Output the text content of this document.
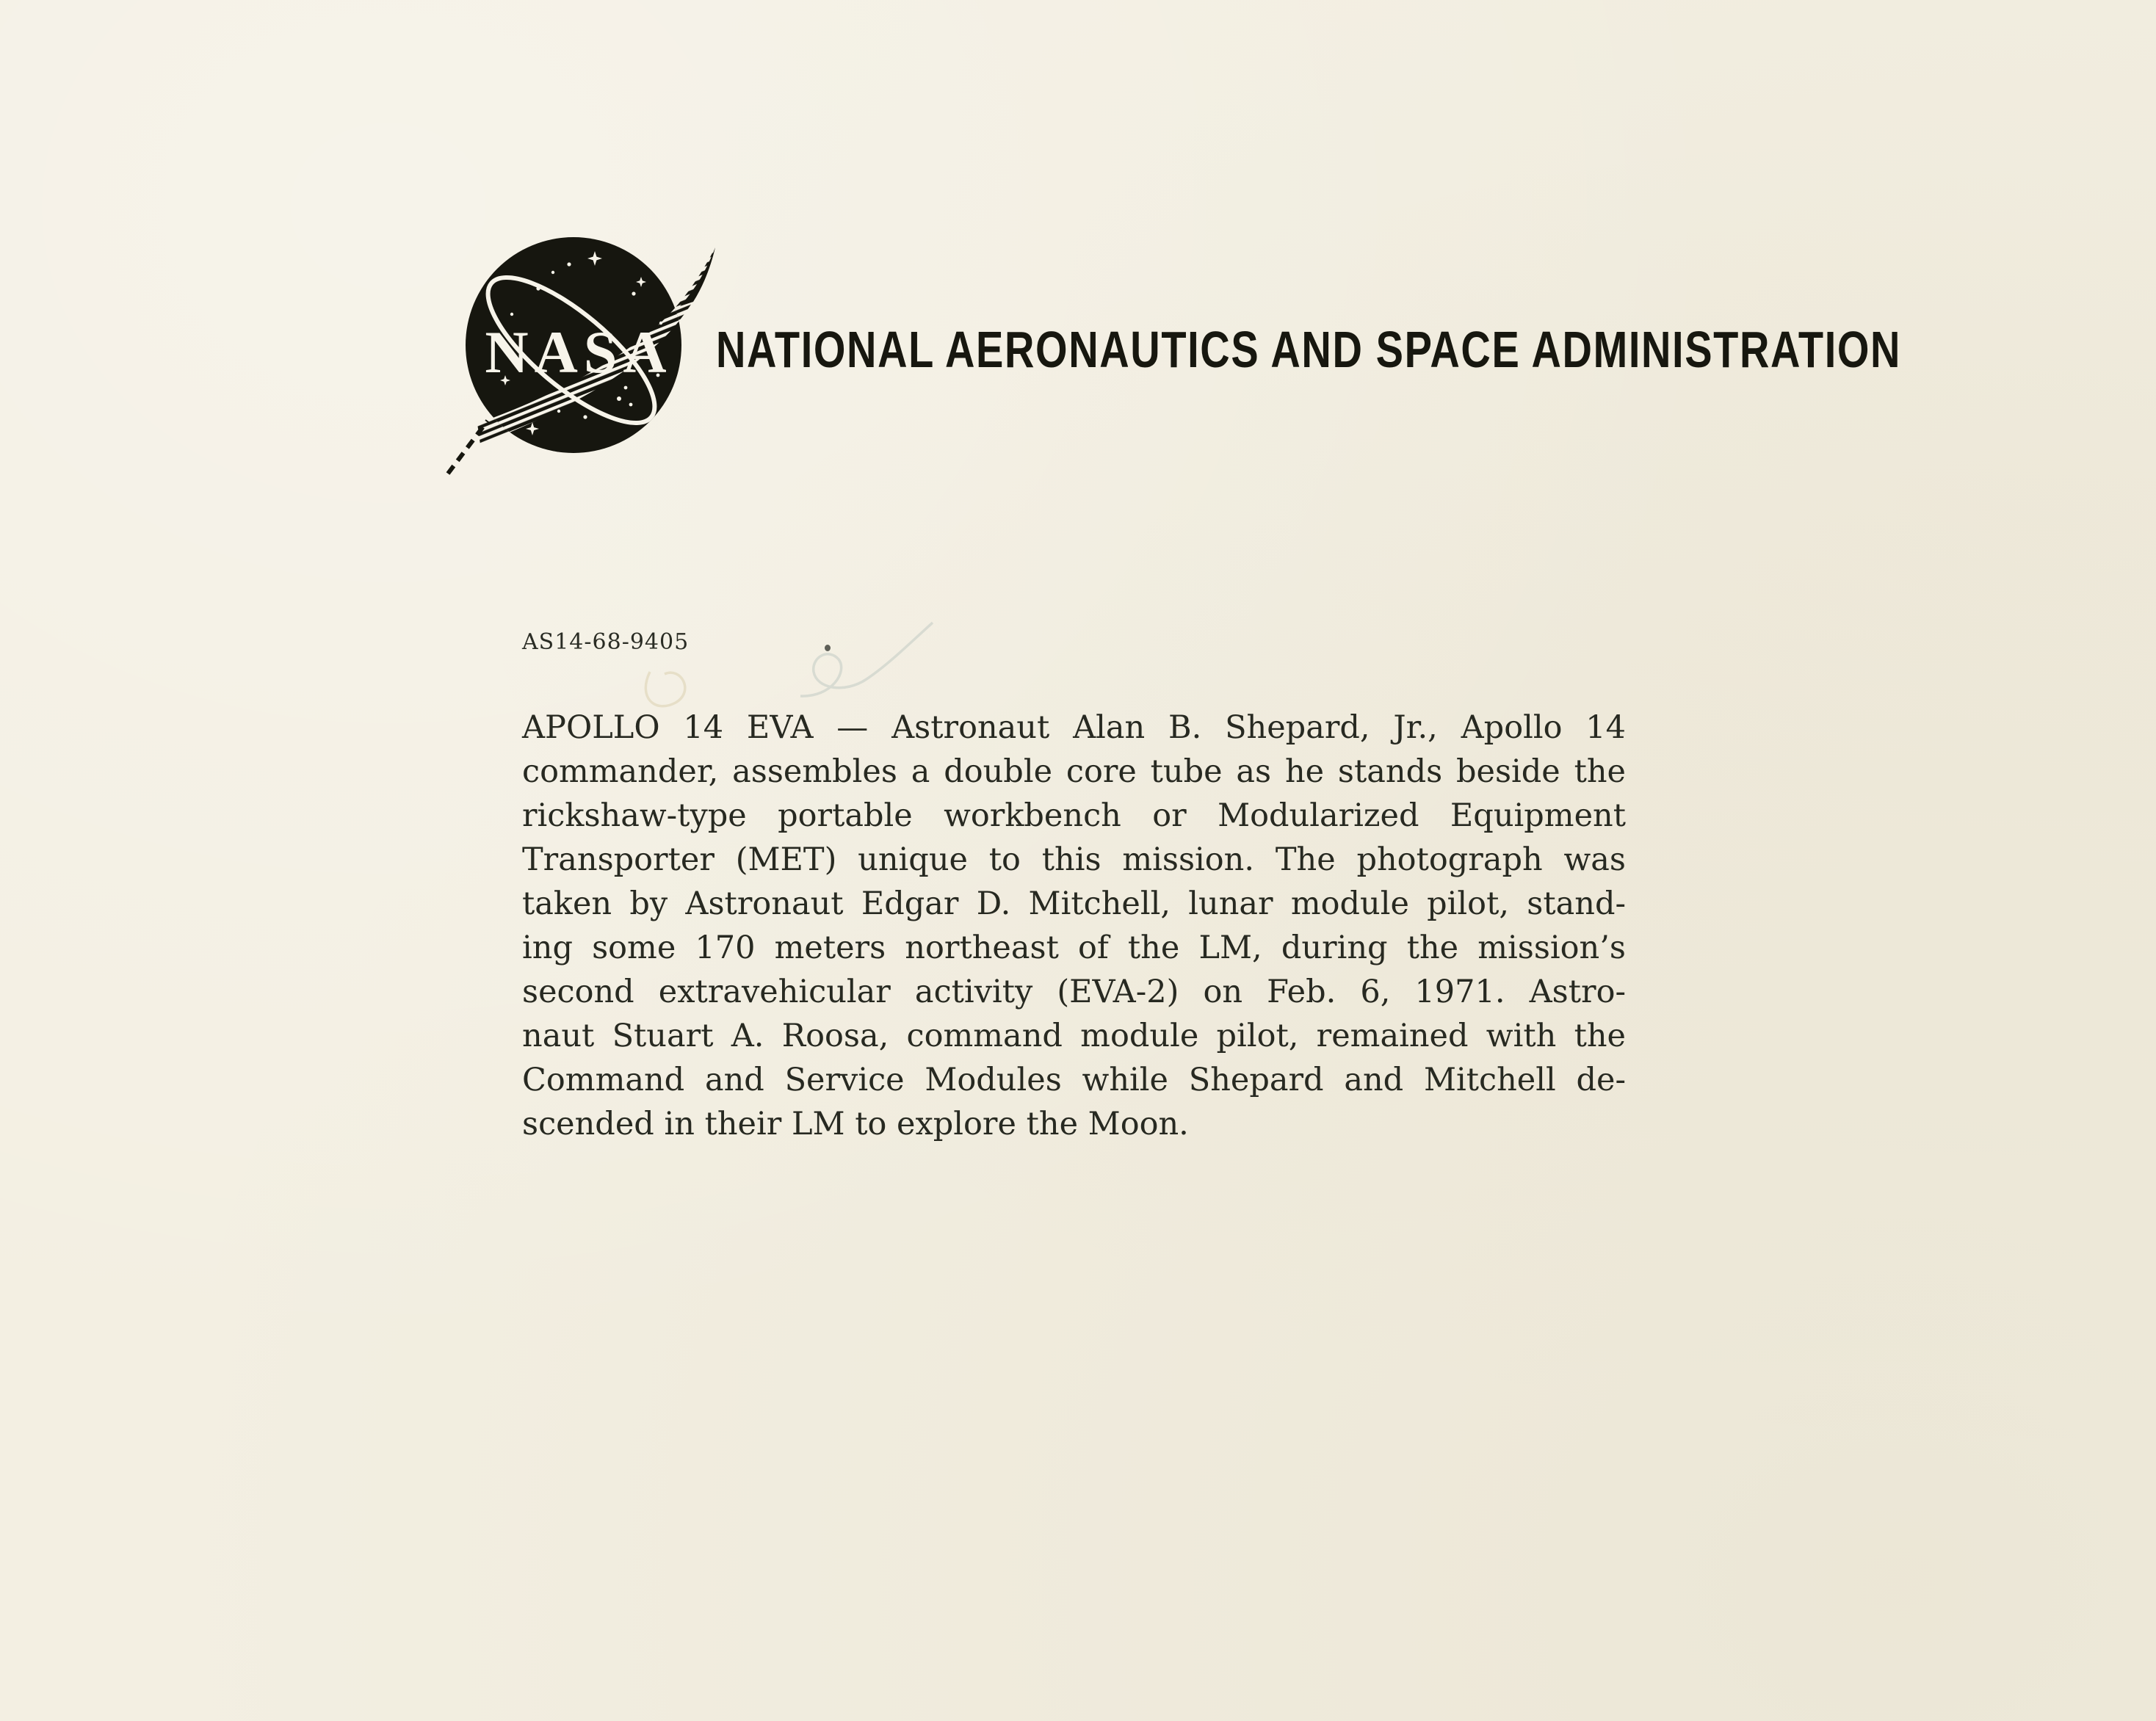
NASA NATIONAL AERONAUTICS AND SPACE ADMINISTRATION
AS14-68-9405
APOLLO 14 EVA — Astronaut Alan B. Shepard, Jr., Apollo 14
commander, assembles a double core tube as he stands beside the
rickshaw-type portable workbench or Modularized Equipment
Transporter (MET) unique to this mission. The photograph was
taken by Astronaut Edgar D. Mitchell, lunar module pilot, stand-
ing some 170 meters northeast of the LM, during the mission’s
second extravehicular activity (EVA-2) on Feb. 6, 1971. Astro-
naut Stuart A. Roosa, command module pilot, remained with the
Command and Service Modules while Shepard and Mitchell de-
scended in their LM to explore the Moon.
